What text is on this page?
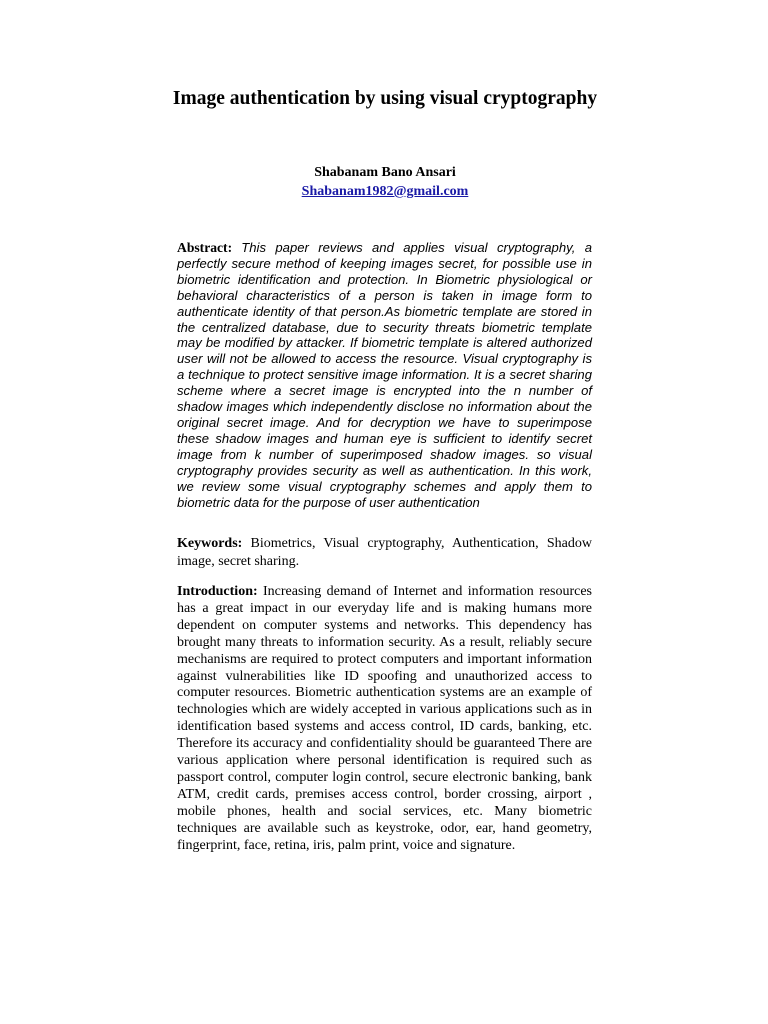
Image authentication by using visual cryptography
Shabanam Bano Ansari
Shabanam1982@gmail.com

Abstract: This paper reviews and applies visual cryptography, a perfectly secure method of keeping images secret, for possible use in biometric identification and protection. In Biometric physiological or behavioral characteristics of a person is taken in image form to authenticate identity of that person.As biometric template are stored in the centralized database, due to security threats biometric template may be modified by attacker. If biometric template is altered authorized user will not be allowed to access the resource. Visual cryptography is a technique to protect sensitive image information. It is a secret sharing scheme where a secret image is encrypted into the n number of shadow images which independently disclose no information about the original secret image. And for decryption we have to superimpose these shadow images and human eye is sufficient to identify secret image from k number of superimposed shadow images. so visual cryptography provides security as well as authentication. In this work, we review some visual cryptography schemes and apply them to biometric data for the purpose of user authentication

Keywords: Biometrics, Visual cryptography, Authentication, Shadow image, secret sharing.

Introduction: Increasing demand of Internet and information resources has a great impact in our everyday life and is making humans more dependent on computer systems and networks. This dependency has brought many threats to information security. As a result, reliably secure mechanisms are required to protect computers and important information against vulnerabilities like ID spoofing and unauthorized access to computer resources. Biometric authentication systems are an example of technologies which are widely accepted in various applications such as in identification based systems and access control, ID cards, banking, etc. Therefore its accuracy and confidentiality should be guaranteed There are various application where personal identification is required such as passport control, computer login control, secure electronic banking, bank ATM, credit cards, premises access control, border crossing, airport , mobile phones, health and social services, etc. Many biometric techniques are available such as keystroke, odor, ear, hand geometry, fingerprint, face, retina, iris, palm print, voice and signature.
